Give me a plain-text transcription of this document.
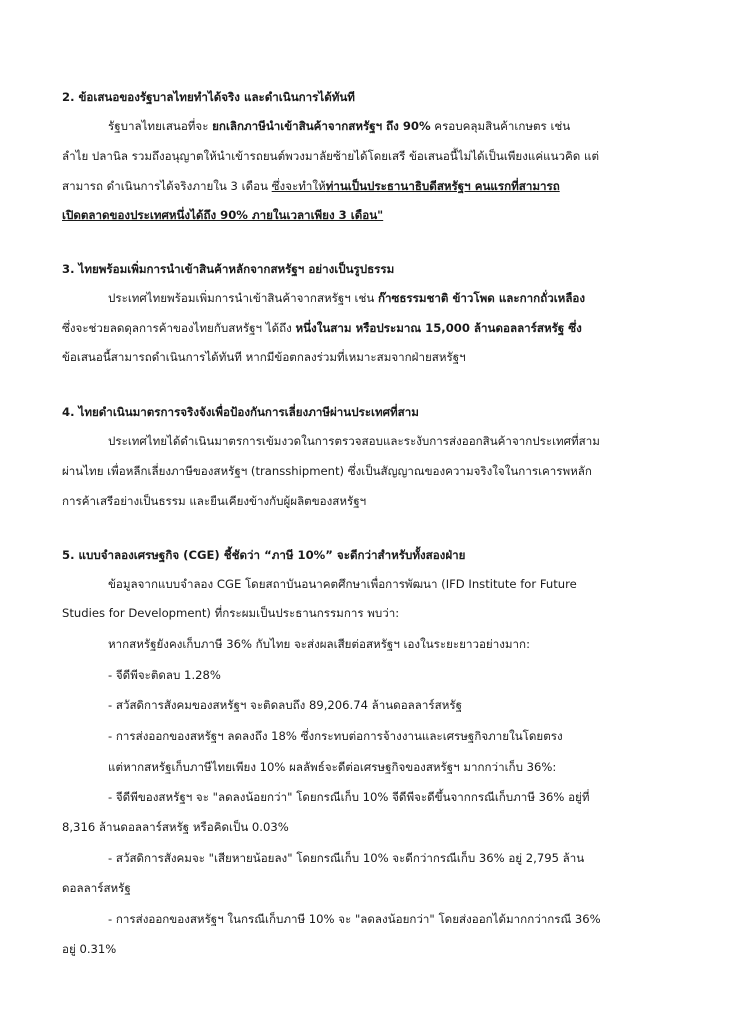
2. ข้อเสนอของรัฐบาลไทยทำได้จริง และดำเนินการได้ทันที
รัฐบาลไทยเสนอที่จะ ยกเลิกภาษีนำเข้าสินค้าจากสหรัฐฯ ถึง 90% ครอบคลุมสินค้าเกษตร เช่น
ลำไย ปลานิล รวมถึงอนุญาตให้นำเข้ารถยนต์พวงมาลัยซ้ายได้โดยเสรี ข้อเสนอนี้ไม่ได้เป็นเพียงแค่แนวคิด แต่
สามารถ ดำเนินการได้จริงภายใน 3 เดือน ซึ่งจะทำให้ท่านเป็นประธานาธิบดีสหรัฐฯ คนแรกที่สามารถ
เปิดตลาดของประเทศหนึ่งได้ถึง 90% ภายในเวลาเพียง 3 เดือน"
3. ไทยพร้อมเพิ่มการนำเข้าสินค้าหลักจากสหรัฐฯ อย่างเป็นรูปธรรม
ประเทศไทยพร้อมเพิ่มการนำเข้าสินค้าจากสหรัฐฯ เช่น ก๊าซธรรมชาติ ข้าวโพด และกากถั่วเหลือง
ซึ่งจะช่วยลดดุลการค้าของไทยกับสหรัฐฯ ได้ถึง หนึ่งในสาม หรือประมาณ 15,000 ล้านดอลลาร์สหรัฐ ซึ่ง
ข้อเสนอนี้สามารถดำเนินการได้ทันที หากมีข้อตกลงร่วมที่เหมาะสมจากฝ่ายสหรัฐฯ
4. ไทยดำเนินมาตรการจริงจังเพื่อป้องกันการเลี่ยงภาษีผ่านประเทศที่สาม
ประเทศไทยได้ดำเนินมาตรการเข้มงวดในการตรวจสอบและระงับการส่งออกสินค้าจากประเทศที่สาม
ผ่านไทย เพื่อหลีกเลี่ยงภาษีของสหรัฐฯ (transshipment) ซึ่งเป็นสัญญาณของความจริงใจในการเคารพหลัก
การค้าเสรีอย่างเป็นธรรม และยืนเคียงข้างกับผู้ผลิตของสหรัฐฯ
5. แบบจำลองเศรษฐกิจ (CGE) ชี้ชัดว่า “ภาษี 10%” จะดีกว่าสำหรับทั้งสองฝ่าย
ข้อมูลจากแบบจำลอง CGE โดยสถาบันอนาคตศึกษาเพื่อการพัฒนา (IFD Institute for Future
Studies for Development) ที่กระผมเป็นประธานกรรมการ พบว่า:
หากสหรัฐยังคงเก็บภาษี 36% กับไทย จะส่งผลเสียต่อสหรัฐฯ เองในระยะยาวอย่างมาก:
- จีดีพีจะติดลบ 1.28%
- สวัสดิการสังคมของสหรัฐฯ จะติดลบถึง 89,206.74 ล้านดอลลาร์สหรัฐ
- การส่งออกของสหรัฐฯ ลดลงถึง 18% ซึ่งกระทบต่อการจ้างงานและเศรษฐกิจภายในโดยตรง
แต่หากสหรัฐเก็บภาษีไทยเพียง 10% ผลลัพธ์จะดีต่อเศรษฐกิจของสหรัฐฯ มากกว่าเก็บ 36%:
- จีดีพีของสหรัฐฯ จะ "ลดลงน้อยกว่า" โดยกรณีเก็บ 10% จีดีพีจะดีขึ้นจากกรณีเก็บภาษี 36% อยู่ที่
8,316 ล้านดอลลาร์สหรัฐ หรือคิดเป็น 0.03%
- สวัสดิการสังคมจะ "เสียหายน้อยลง" โดยกรณีเก็บ 10% จะดีกว่ากรณีเก็บ 36% อยู่ 2,795 ล้าน
ดอลลาร์สหรัฐ
- การส่งออกของสหรัฐฯ ในกรณีเก็บภาษี 10% จะ "ลดลงน้อยกว่า" โดยส่งออกได้มากกว่ากรณี 36%
อยู่ 0.31%
